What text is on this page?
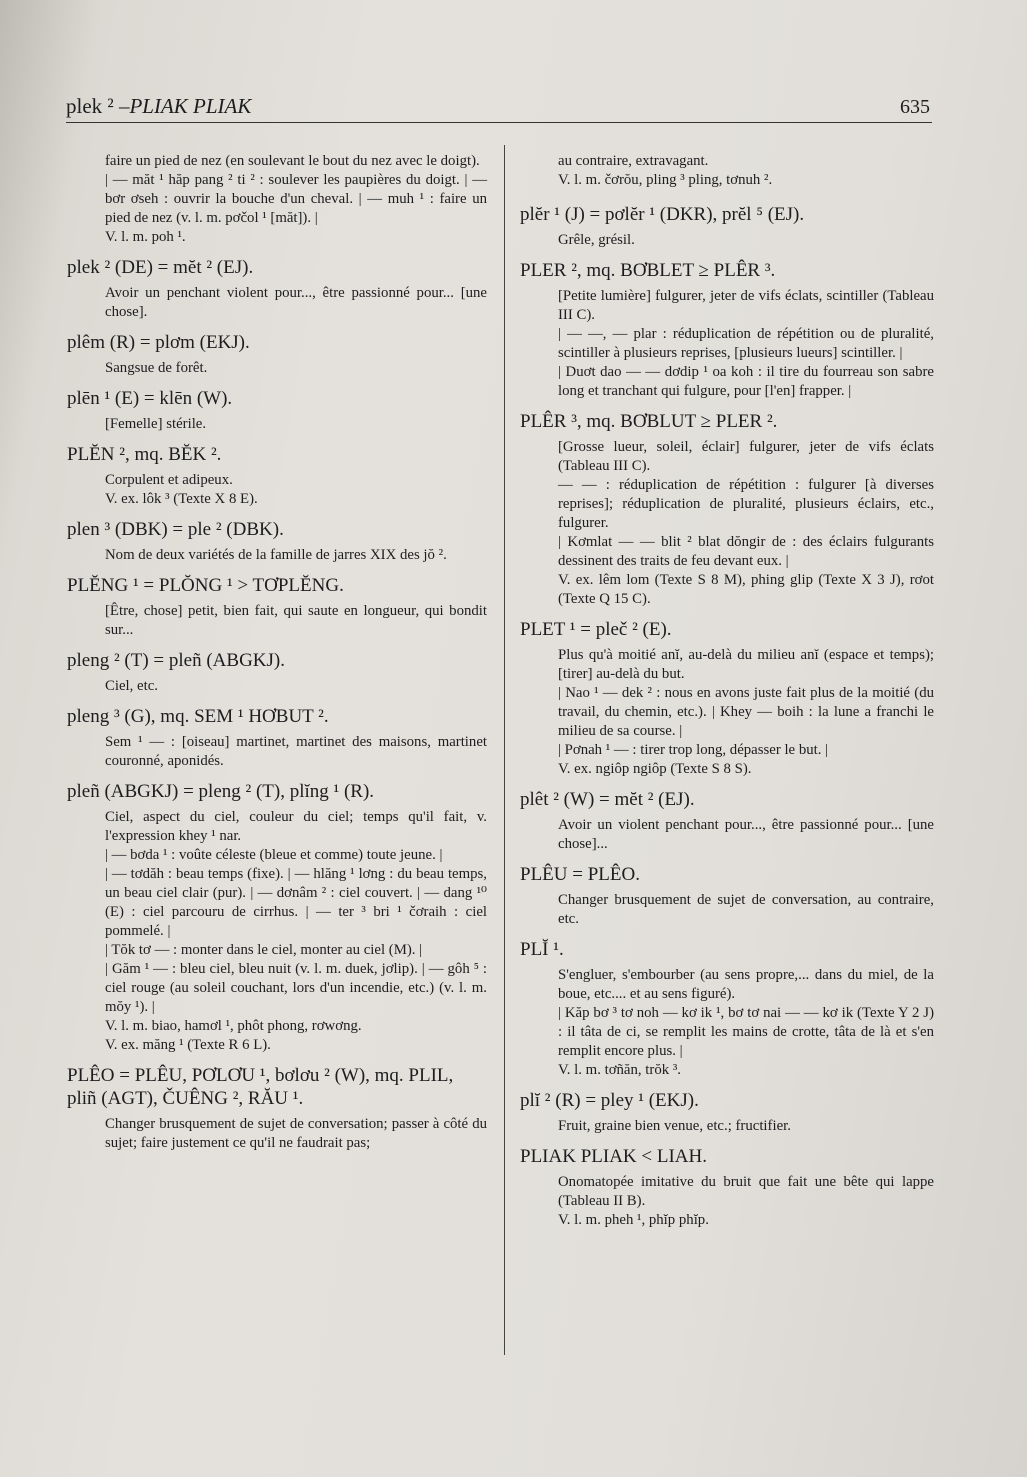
plek ² –PLIAK PLIAK	635

faire un pied de nez (en soulevant le bout du nez avec le doigt).

| — măt ¹ hăp pang ² ti ² : soulever les paupières du doigt. | — bơr ơseh : ouvrir la bouche d'un cheval. | — muh ¹ : faire un pied de nez (v. l. m. pơčol ¹ [măt]). |

V. l. m. poh ¹.

plek ² (DE) = mĕt ² (EJ).

Avoir un penchant violent pour..., être passionné pour... [une chose].

plêm (R) = plơm (EKJ).

Sangsue de forêt.

plēn ¹ (E) = klēn (W).

[Femelle] stérile.

PLĔN ², mq. BĔK ².

Corpulent et adipeux.

V. ex. lôk ³ (Texte X 8 E).

plen ³ (DBK) = ple ² (DBK).

Nom de deux variétés de la famille de jarres XIX des jŏ ².

PLĔNG ¹ = PLŎNG ¹ > TƠPLĔNG.

[Être, chose] petit, bien fait, qui saute en longueur, qui bondit sur...

pleng ² (T) = pleñ (ABGKJ).

Ciel, etc.

pleng ³ (G), mq. SEM ¹ HƠBUT ².

Sem ¹ — : [oiseau] martinet, martinet des maisons, martinet couronné, aponidés.

pleñ (ABGKJ) = pleng ² (T), plĭng ¹ (R).

Ciel, aspect du ciel, couleur du ciel; temps qu'il fait, v. l'expression khey ¹ nar.

| — bơda ¹ : voûte céleste (bleue et comme) toute jeune. |

| — tơdăh : beau temps (fixe). | — hlăng ¹ lơng : du beau temps, un beau ciel clair (pur). | — dơnâm ² : ciel couvert. | — dang ¹⁰ (E) : ciel parcouru de cirrhus. | — ter ³ bri ¹ čơraih : ciel pommelé. |

| Tŏk tơ — : monter dans le ciel, monter au ciel (M). |

| Găm ¹ — : bleu ciel, bleu nuit (v. l. m. duek, jơlip). | — gôh ⁵ : ciel rouge (au soleil couchant, lors d'un incendie, etc.) (v. l. m. mŏy ¹). |

V. l. m. biao, hamơl ¹, phôt phong, rơwơng.

V. ex. măng ¹ (Texte R 6 L).

PLÊO = PLÊU, PƠLƠU ¹, bơlơu ² (W), mq. PLIL, pliñ (AGT), ČUÊNG ², RĂU ¹.

Changer brusquement de sujet de conversation; passer à côté du sujet; faire justement ce qu'il ne faudrait pas;

au contraire, extravagant.

V. l. m. čơrŏu, pling ³ pling, tơnuh ².

plĕr ¹ (J) = pơlĕr ¹ (DKR), prĕl ⁵ (EJ).

Grêle, grésil.

PLER ², mq. BƠBLET ≥ PLÊR ³.

[Petite lumière] fulgurer, jeter de vifs éclats, scintiller (Tableau III C).

| — —, — plar : réduplication de répétition ou de pluralité, scintiller à plusieurs reprises, [plusieurs lueurs] scintiller. |

| Duơt dao — — dơdip ¹ oa koh : il tire du fourreau son sabre long et tranchant qui fulgure, pour [l'en] frapper. |

PLÊR ³, mq. BƠBLUT ≥ PLER ².

[Grosse lueur, soleil, éclair] fulgurer, jeter de vifs éclats (Tableau III C).

— — : réduplication de répétition : fulgurer [à diverses reprises]; réduplication de pluralité, plusieurs éclairs, etc., fulgurer.

| Kơmlat — — blit ² blat dŏngir de : des éclairs fulgurants dessinent des traits de feu devant eux. |

V. ex. lêm lom (Texte S 8 M), phing glip (Texte X 3 J), rơot (Texte Q 15 C).

PLET ¹ = plеč ² (E).

Plus qu'à moitié anĭ, au-delà du milieu anĭ (espace et temps); [tirer] au-delà du but.

| Nao ¹ — dek ² : nous en avons juste fait plus de la moitié (du travail, du chemin, etc.). | Khey — boih : la lune a franchi le milieu de sa course. |

| Pơnah ¹ — : tirer trop long, dépasser le but. |

V. ex. ngiôp ngiôp (Texte S 8 S).

plêt ² (W) = mĕt ² (EJ).

Avoir un violent penchant pour..., être passionné pour... [une chose]...

PLÊU = PLÊO.

Changer brusquement de sujet de conversation, au contraire, etc.

PLĬ ¹.

S'engluer, s'embourber (au sens propre,... dans du miel, de la boue, etc.... et au sens figuré).

| Kăp bơ ³ tơ noh — kơ ik ¹, bơ tơ nai — — kơ ik (Texte Y 2 J) : il tâta de ci, se remplit les mains de crotte, tâta de là et s'en remplit encore plus. |

V. l. m. tơñăn, trŏk ³.

plĭ ² (R) = pley ¹ (EKJ).

Fruit, graine bien venue, etc.; fructifier.

PLIAK PLIAK < LIAH.

Onomatopée imitative du bruit que fait une bête qui lappe (Tableau II B).

V. l. m. pheh ¹, phĭp phĭp.
